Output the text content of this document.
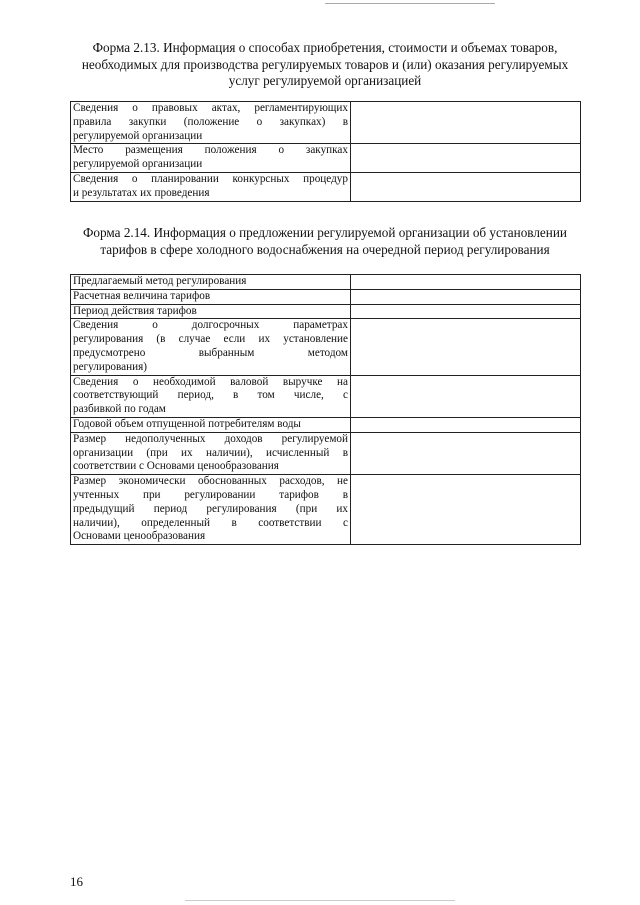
Форма 2.13. Информация о способах приобретения, стоимости и объемах товаров,
необходимых для производства регулируемых товаров и (или) оказания регулируемых
услуг регулируемой организацией
Сведения о правовых актах, регламентирующих
правила закупки (положение о закупках) в
регулируемой организации	

Место размещения положения о закупках
регулируемой организации	

Сведения о планировании конкурсных процедур
и результатах их проведения	

Форма 2.14. Информация о предложении регулируемой организации об установлении
тарифов в сфере холодного водоснабжения на очередной период регулирования
Предлагаемый метод регулирования	

Расчетная величина тарифов	

Период действия тарифов	

Сведения о долгосрочных параметрах
регулирования (в случае если их установление
предусмотрено выбранным методом
регулирования)	

Сведения о необходимой валовой выручке на
соответствующий период, в том числе, с
разбивкой по годам	

Годовой объем отпущенной потребителям воды	

Размер недополученных доходов регулируемой
организации (при их наличии), исчисленный в
соответствии с Основами ценообразования	

Размер экономически обоснованных расходов, не
учтенных при регулировании тарифов в
предыдущий период регулирования (при их
наличии), определенный в соответствии с
Основами ценообразования	

16
